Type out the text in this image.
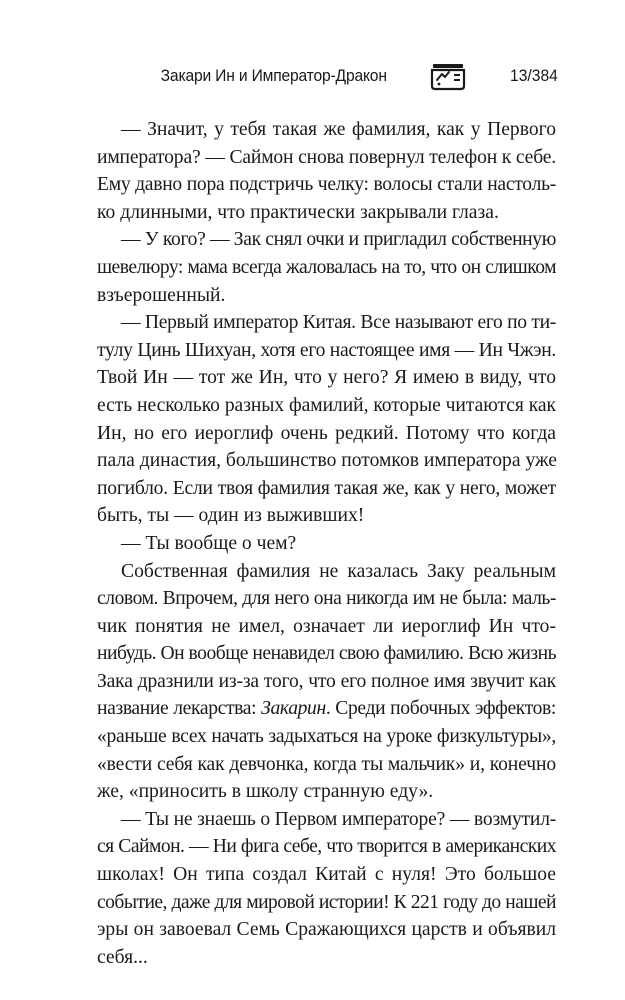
Закари Ин и Император-Дракон	13/384
— Значит, у тебя такая же фамилия, как у Первого
императора? — Саймон снова повернул телефон к себе.
Ему давно пора подстричь челку: волосы стали настоль-
ко длинными, что практически закрывали глаза.
— У кого? — Зак снял очки и пригладил собственную
шевелюру: мама всегда жаловалась на то, что он слишком
взъерошенный.
— Первый император Китая. Все называют его по ти-
тулу Цинь Шихуан, хотя его настоящее имя — Ин Чжэн.
Твой Ин — тот же Ин, что у него? Я имею в виду, что
есть несколько разных фамилий, которые читаются как
Ин, но его иероглиф очень редкий. Потому что когда
пала династия, большинство потомков императора уже
погибло. Если твоя фамилия такая же, как у него, может
быть, ты — один из выживших!
— Ты вообще о чем?
Собственная фамилия не казалась Заку реальным
словом. Впрочем, для него она никогда им не была: маль-
чик понятия не имел, означает ли иероглиф Ин что-
нибудь. Он вообще ненавидел свою фамилию. Всю жизнь
Зака дразнили из-за того, что его полное имя звучит как
название лекарства: Закарин. Среди побочных эффектов:
«раньше всех начать задыхаться на уроке физкультуры»,
«вести себя как девчонка, когда ты мальчик» и, конечно
же, «приносить в школу странную еду».
— Ты не знаешь о Первом императоре? — возмутил-
ся Саймон. — Ни фига себе, что творится в американских
школах! Он типа создал Китай с нуля! Это большое
событие, даже для мировой истории! К 221 году до нашей
эры он завоевал Семь Сражающихся царств и объявил
себя...
